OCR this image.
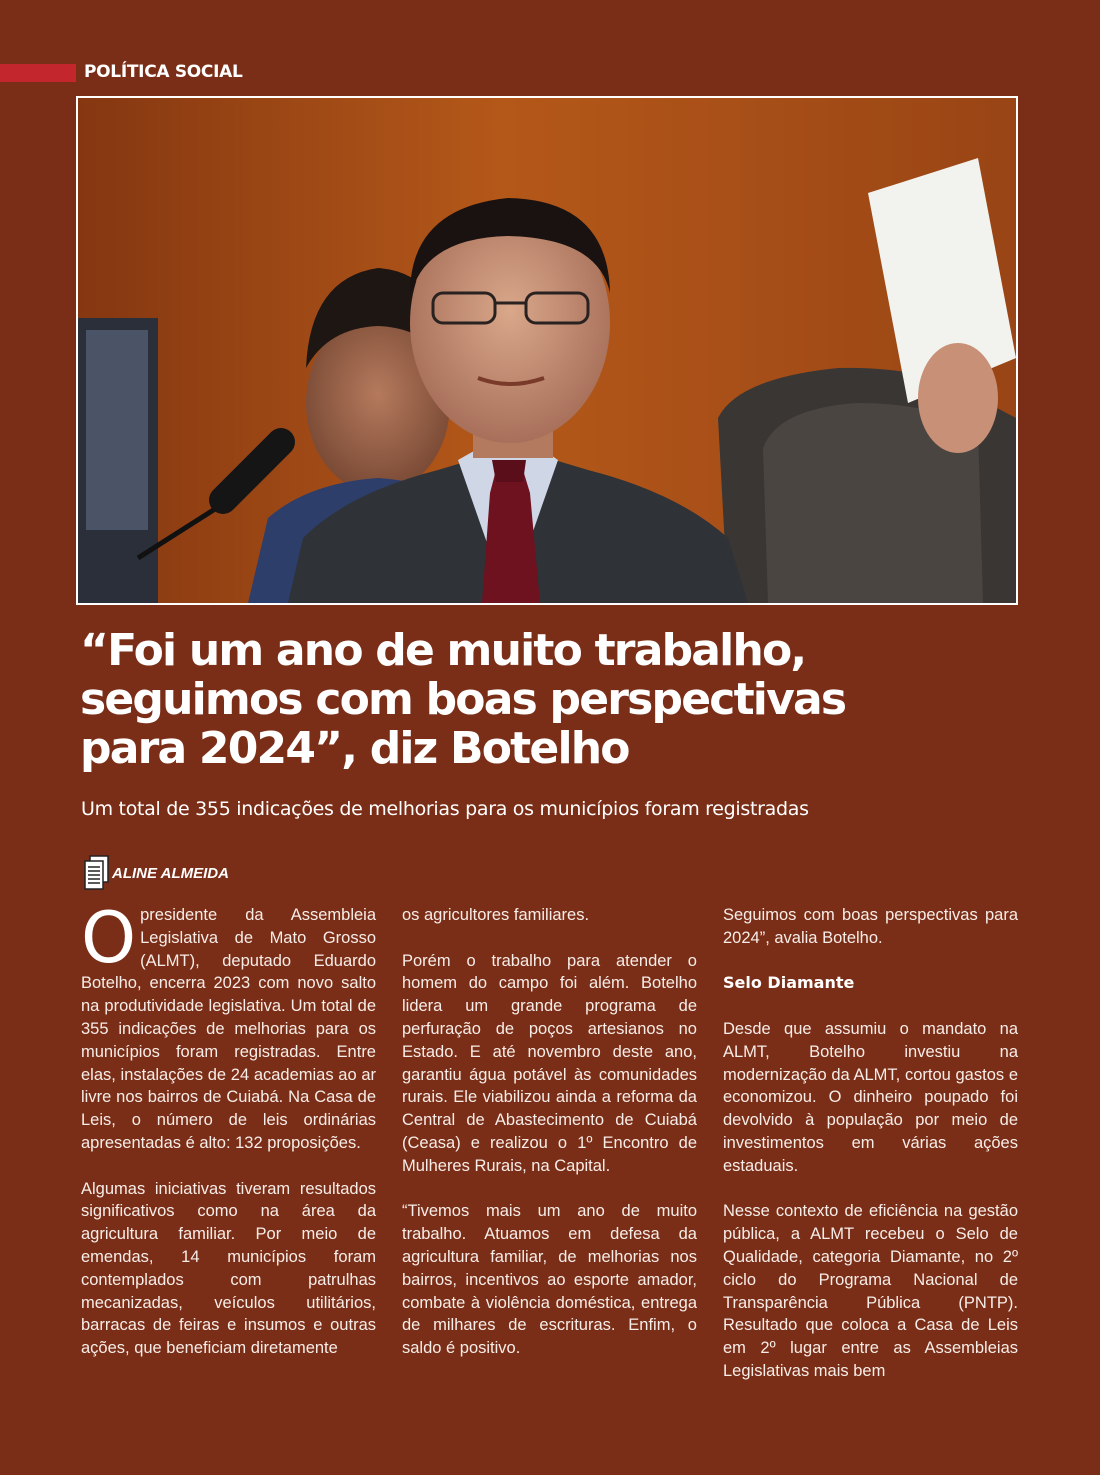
POLÍTICA SOCIAL
“Foi um ano de muito trabalho,
seguimos com boas perspectivas
para 2024”, diz Botelho

Um total de 355 indicações de melhorias para os municípios foram registradas

ALINE ALMEIDA

Opresidente da Assembleia Legislativa de Mato Grosso (ALMT), deputado Eduardo Botelho, encerra 2023 com novo salto na produtividade legislativa. Um total de 355 indicações de melhorias para os municípios foram registradas. Entre elas, instalações de 24 academias ao ar livre nos bairros de Cuiabá. Na Casa de Leis, o número de leis ordinárias apresentadas é alto: 132 proposições.

Algumas iniciativas tiveram resultados significativos como na área da agricultura familiar. Por meio de emendas, 14 municípios foram contemplados com patrulhas mecanizadas, veículos utilitários, barracas de feiras e insumos e outras ações, que beneficiam diretamente

os agricultores familiares.

Porém o trabalho para atender o homem do campo foi além. Botelho lidera um grande programa de perfuração de poços artesianos no Estado. E até novembro deste ano, garantiu água potável às comunidades rurais. Ele viabilizou ainda a reforma da Central de Abastecimento de Cuiabá (Ceasa) e realizou o 1º Encontro de Mulheres Rurais, na Capital.

“Tivemos mais um ano de muito trabalho. Atuamos em defesa da agricultura familiar, de melhorias nos bairros, incentivos ao esporte amador, combate à violência doméstica, entrega de milhares de escrituras. Enfim, o saldo é positivo.

Seguimos com boas perspectivas para 2024”, avalia Botelho.

Selo Diamante

Desde que assumiu o mandato na ALMT, Botelho investiu na modernização da ALMT, cortou gastos e economizou. O dinheiro poupado foi devolvido à população por meio de investimentos em várias ações estaduais.

Nesse contexto de eficiência na gestão pública, a ALMT recebeu o Selo de Qualidade, categoria Diamante, no 2º ciclo do Programa Nacional de Transparência Pública (PNTP). Resultado que coloca a Casa de Leis em 2º lugar entre as Assembleias Legislativas mais bem
